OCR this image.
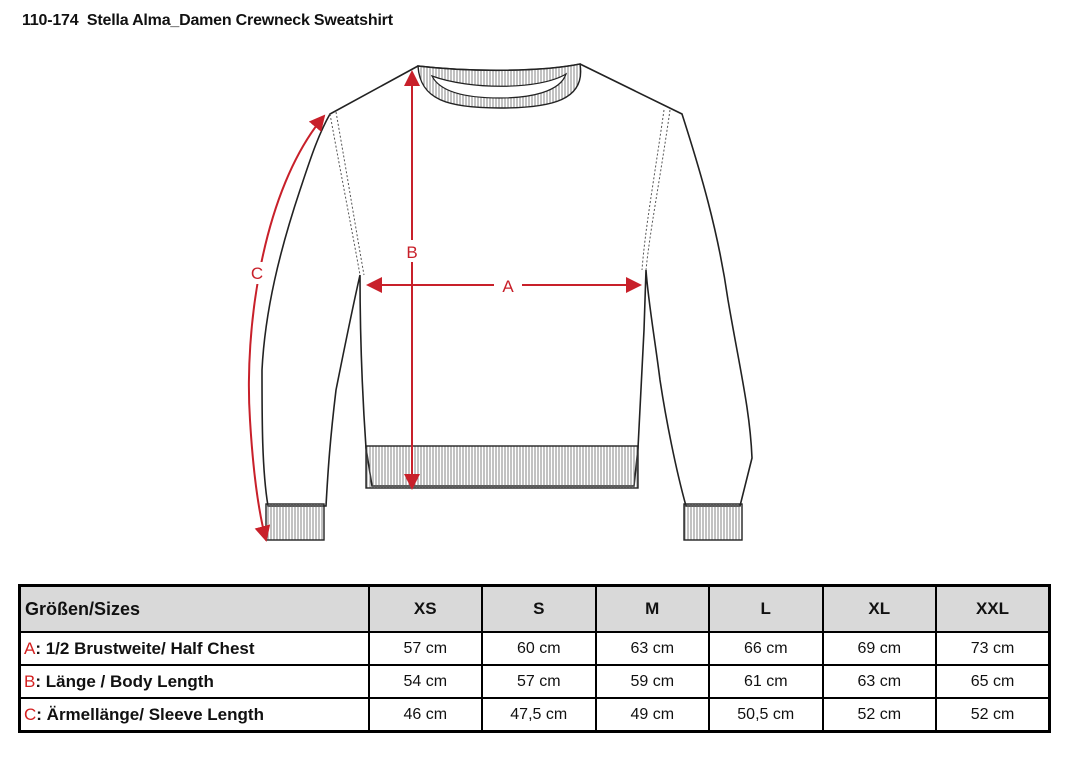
110-174  Stella Alma_Damen Crewneck Sweatshirt
B
A
C
Größen/Sizes	XS	S	M	L	XL	XXL
A: 1/2 Brustweite/ Half Chest	57 cm	60 cm	63 cm	66 cm	69 cm	73 cm
B: Länge / Body Length	54 cm	57 cm	59 cm	61 cm	63 cm	65 cm
C: Ärmellänge/ Sleeve Length	46 cm	47,5 cm	49 cm	50,5 cm	52 cm	52 cm
